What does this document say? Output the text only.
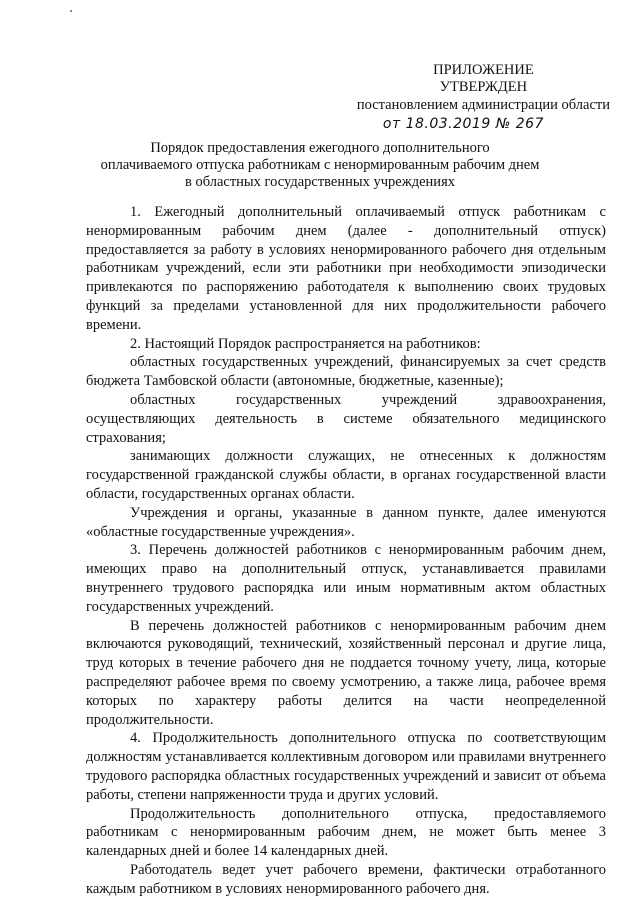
ПРИЛОЖЕНИЕ
УТВЕРЖДЕН
постановлением администрации области
от 18.03.2019 № 267
Порядок предоставления ежегодного дополнительного
оплачиваемого отпуска работникам с ненормированным рабочим днем
в областных государственных учреждениях

1. Ежегодный дополнительный оплачиваемый отпуск работникам с ненормированным рабочим днем (далее - дополнительный отпуск) предоставляется за работу в условиях ненормированного рабочего дня отдельным работникам учреждений, если эти работники при необходимости эпизодически привлекаются по распоряжению работодателя к выполнению своих трудовых функций за пределами установленной для них продолжительности рабочего времени.

2. Настоящий Порядок распространяется на работников:

областных государственных учреждений, финансируемых за счет средств бюджета Тамбовской области (автономные, бюджетные, казенные);

областных государственных учреждений здравоохранения, осуществляющих деятельность в системе обязательного медицинского страхования;

занимающих должности служащих, не отнесенных к должностям государственной гражданской службы области, в органах государственной власти области, государственных органах области.

Учреждения и органы, указанные в данном пункте, далее именуются «областные государственные учреждения».

3. Перечень должностей работников с ненормированным рабочим днем, имеющих право на дополнительный отпуск, устанавливается правилами внутреннего трудового распорядка или иным нормативным актом областных государственных учреждений.

В перечень должностей работников с ненормированным рабочим днем включаются руководящий, технический, хозяйственный персонал и другие лица, труд которых в течение рабочего дня не поддается точному учету, лица, которые распределяют рабочее время по своему усмотрению, а также лица, рабочее время которых по характеру работы делится на части неопределенной продолжительности.

4. Продолжительность дополнительного отпуска по соответствующим должностям устанавливается коллективным договором или правилами внутреннего трудового распорядка областных государственных учреждений и зависит от объема работы, степени напряженности труда и других условий.

Продолжительность дополнительного отпуска, предоставляемого работникам с ненормированным рабочим днем, не может быть менее 3 календарных дней и более 14 календарных дней.

Работодатель ведет учет рабочего времени, фактически отработанного каждым работником в условиях ненормированного рабочего дня.
